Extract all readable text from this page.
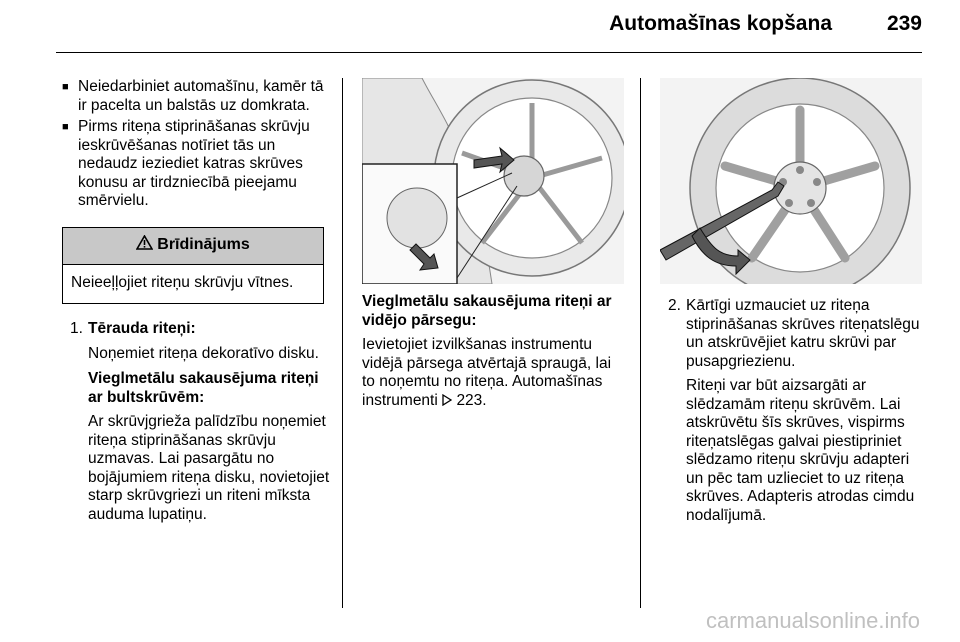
Automašīnas kopšana	239
■ Neiedarbiniet automašīnu, kamēr tā ir pacelta un balstās uz domkrata.
■ Pirms riteņa stiprināšanas skrūvju ieskrūvēšanas notīriet tās un nedaudz ieziediet katras skrūves konusu ar tirdzniecībā pieejamu smērvielu.
Brīdinājums
Neieeļļojiet riteņu skrūvju vītnes.
1. Tērauda riteņi:

Noņemiet riteņa dekoratīvo disku.

Vieglmetālu sakausējuma riteņi ar bultskrūvēm:

Ar skrūvjgrieža palīdzību noņemiet riteņa stiprināšanas skrūvju uzmavas. Lai pasargātu no bojājumiem riteņa disku, novietojiet starp skrūvgriezi un riteni mīksta auduma lupatiņu.

Vieglmetālu sakausējuma riteņi ar vidējo pārsegu:

Ievietojiet izvilkšanas instrumentu vidējā pārsega atvērtajā spraugā, lai to noņemtu no riteņa. Automašīnas instrumenti 223.

2. Kārtīgi uzmauciet uz riteņa stiprināšanas skrūves riteņatslēgu un atskrūvējiet katru skrūvi par pusapgriezienu.

Riteņi var būt aizsargāti ar slēdzamām riteņu skrūvēm. Lai atskrūvētu šīs skrūves, vispirms riteņatslēgas galvai piestipriniet slēdzamo riteņu skrūvju adapteri un pēc tam uzlieciet to uz riteņa skrūves. Adapteris atrodas cimdu nodalījumā.

carmanualsonline.info
